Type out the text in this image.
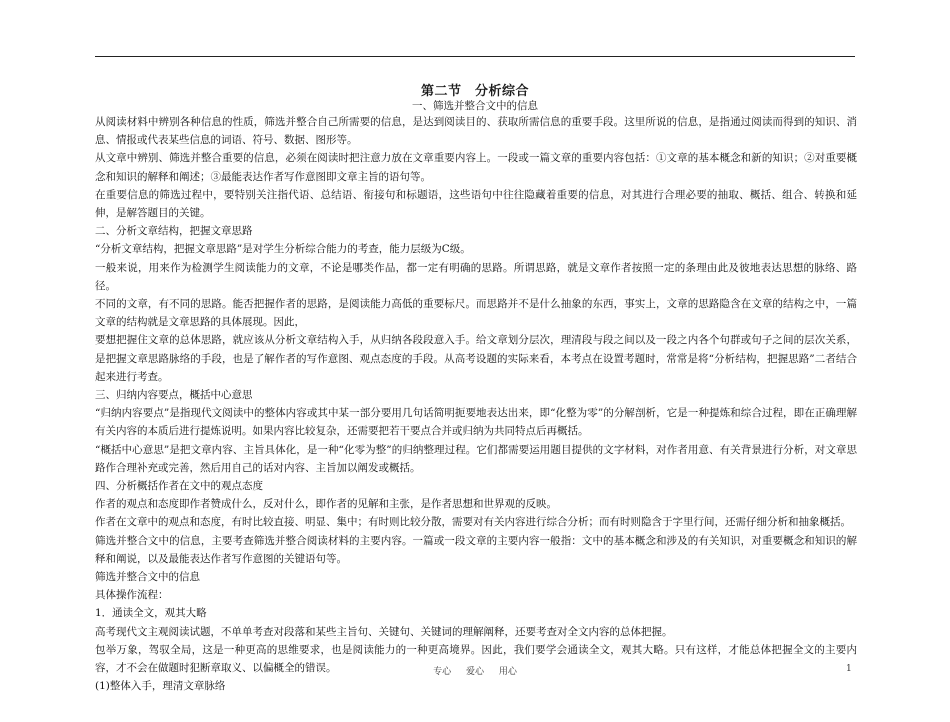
第二节　分析综合
一、筛选并整合文中的信息

从阅读材料中辨别各种信息的性质，筛选并整合自己所需要的信息，是达到阅读目的、获取所需信息的重要手段。这里所说的信息，是指通过阅读而得到的知识、消息、情报或代表某些信息的词语、符号、数据、图形等。

从文章中辨别、筛选并整合重要的信息，必须在阅读时把注意力放在文章重要内容上。一段或一篇文章的重要内容包括：①文章的基本概念和新的知识；②对重要概念和知识的解释和阐述；③最能表达作者写作意图即文章主旨的语句等。

在重要信息的筛选过程中，要特别关注指代语、总结语、衔接句和标题语，这些语句中往往隐藏着重要的信息，对其进行合理必要的抽取、概括、组合、转换和延伸，是解答题目的关键。

二、分析文章结构，把握文章思路

“分析文章结构，把握文章思路”是对学生分析综合能力的考查，能力层级为C级。

一般来说，用来作为检测学生阅读能力的文章，不论是哪类作品，都一定有明确的思路。所谓思路，就是文章作者按照一定的条理由此及彼地表达思想的脉络、路径。

不同的文章，有不同的思路。能否把握作者的思路，是阅读能力高低的重要标尺。而思路并不是什么抽象的东西，事实上，文章的思路隐含在文章的结构之中，一篇文章的结构就是文章思路的具体展现。因此，

要想把握住文章的总体思路，就应该从分析文章结构入手，从归纳各段段意入手。给文章划分层次，理清段与段之间以及一段之内各个句群或句子之间的层次关系，是把握文章思路脉络的手段，也是了解作者的写作意图、观点态度的手段。从高考设题的实际来看，本考点在设置考题时，常常是将“分析结构，把握思路”二者结合起来进行考查。

三、归纳内容要点，概括中心意思

“归纳内容要点”是指现代文阅读中的整体内容或其中某一部分要用几句话简明扼要地表达出来，即“化整为零”的分解剖析，它是一种提炼和综合过程，即在正确理解有关内容的本质后进行提炼说明。如果内容比较复杂，还需要把若干要点合并或归纳为共同特点后再概括。

“概括中心意思”是把文章内容、主旨具体化，是一种“化零为整”的归纳整理过程。它们都需要运用题目提供的文字材料，对作者用意、有关背景进行分析，对文章思路作合理补充或完善，然后用自己的话对内容、主旨加以阐发或概括。

四、分析概括作者在文中的观点态度

作者的观点和态度即作者赞成什么，反对什么，即作者的见解和主张，是作者思想和世界观的反映。

作者在文章中的观点和态度，有时比较直接、明显、集中；有时则比较分散，需要对有关内容进行综合分析；而有时则隐含于字里行间，还需仔细分析和抽象概括。

筛选并整合文中的信息，主要考查筛选并整合阅读材料的主要内容。一篇或一段文章的主要内容一般指：文中的基本概念和涉及的有关知识，对重要概念和知识的解释和阐说，以及最能表达作者写作意图的关键语句等。

筛选并整合文中的信息

具体操作流程：

1．通读全文，观其大略

高考现代文主观阅读试题，不单单考查对段落和某些主旨句、关键句、关键词的理解阐释，还要考查对全文内容的总体把握。

包举万象，驾驭全局，这是一种更高的思维要求，也是阅读能力的一种更高境界。因此，我们要学会通读全文，观其大略。只有这样，才能总体把握全文的主要内容，才不会在做题时犯断章取义、以偏概全的错误。

(1)整体入手，理清文章脉络

专心 爱心 用心	1
